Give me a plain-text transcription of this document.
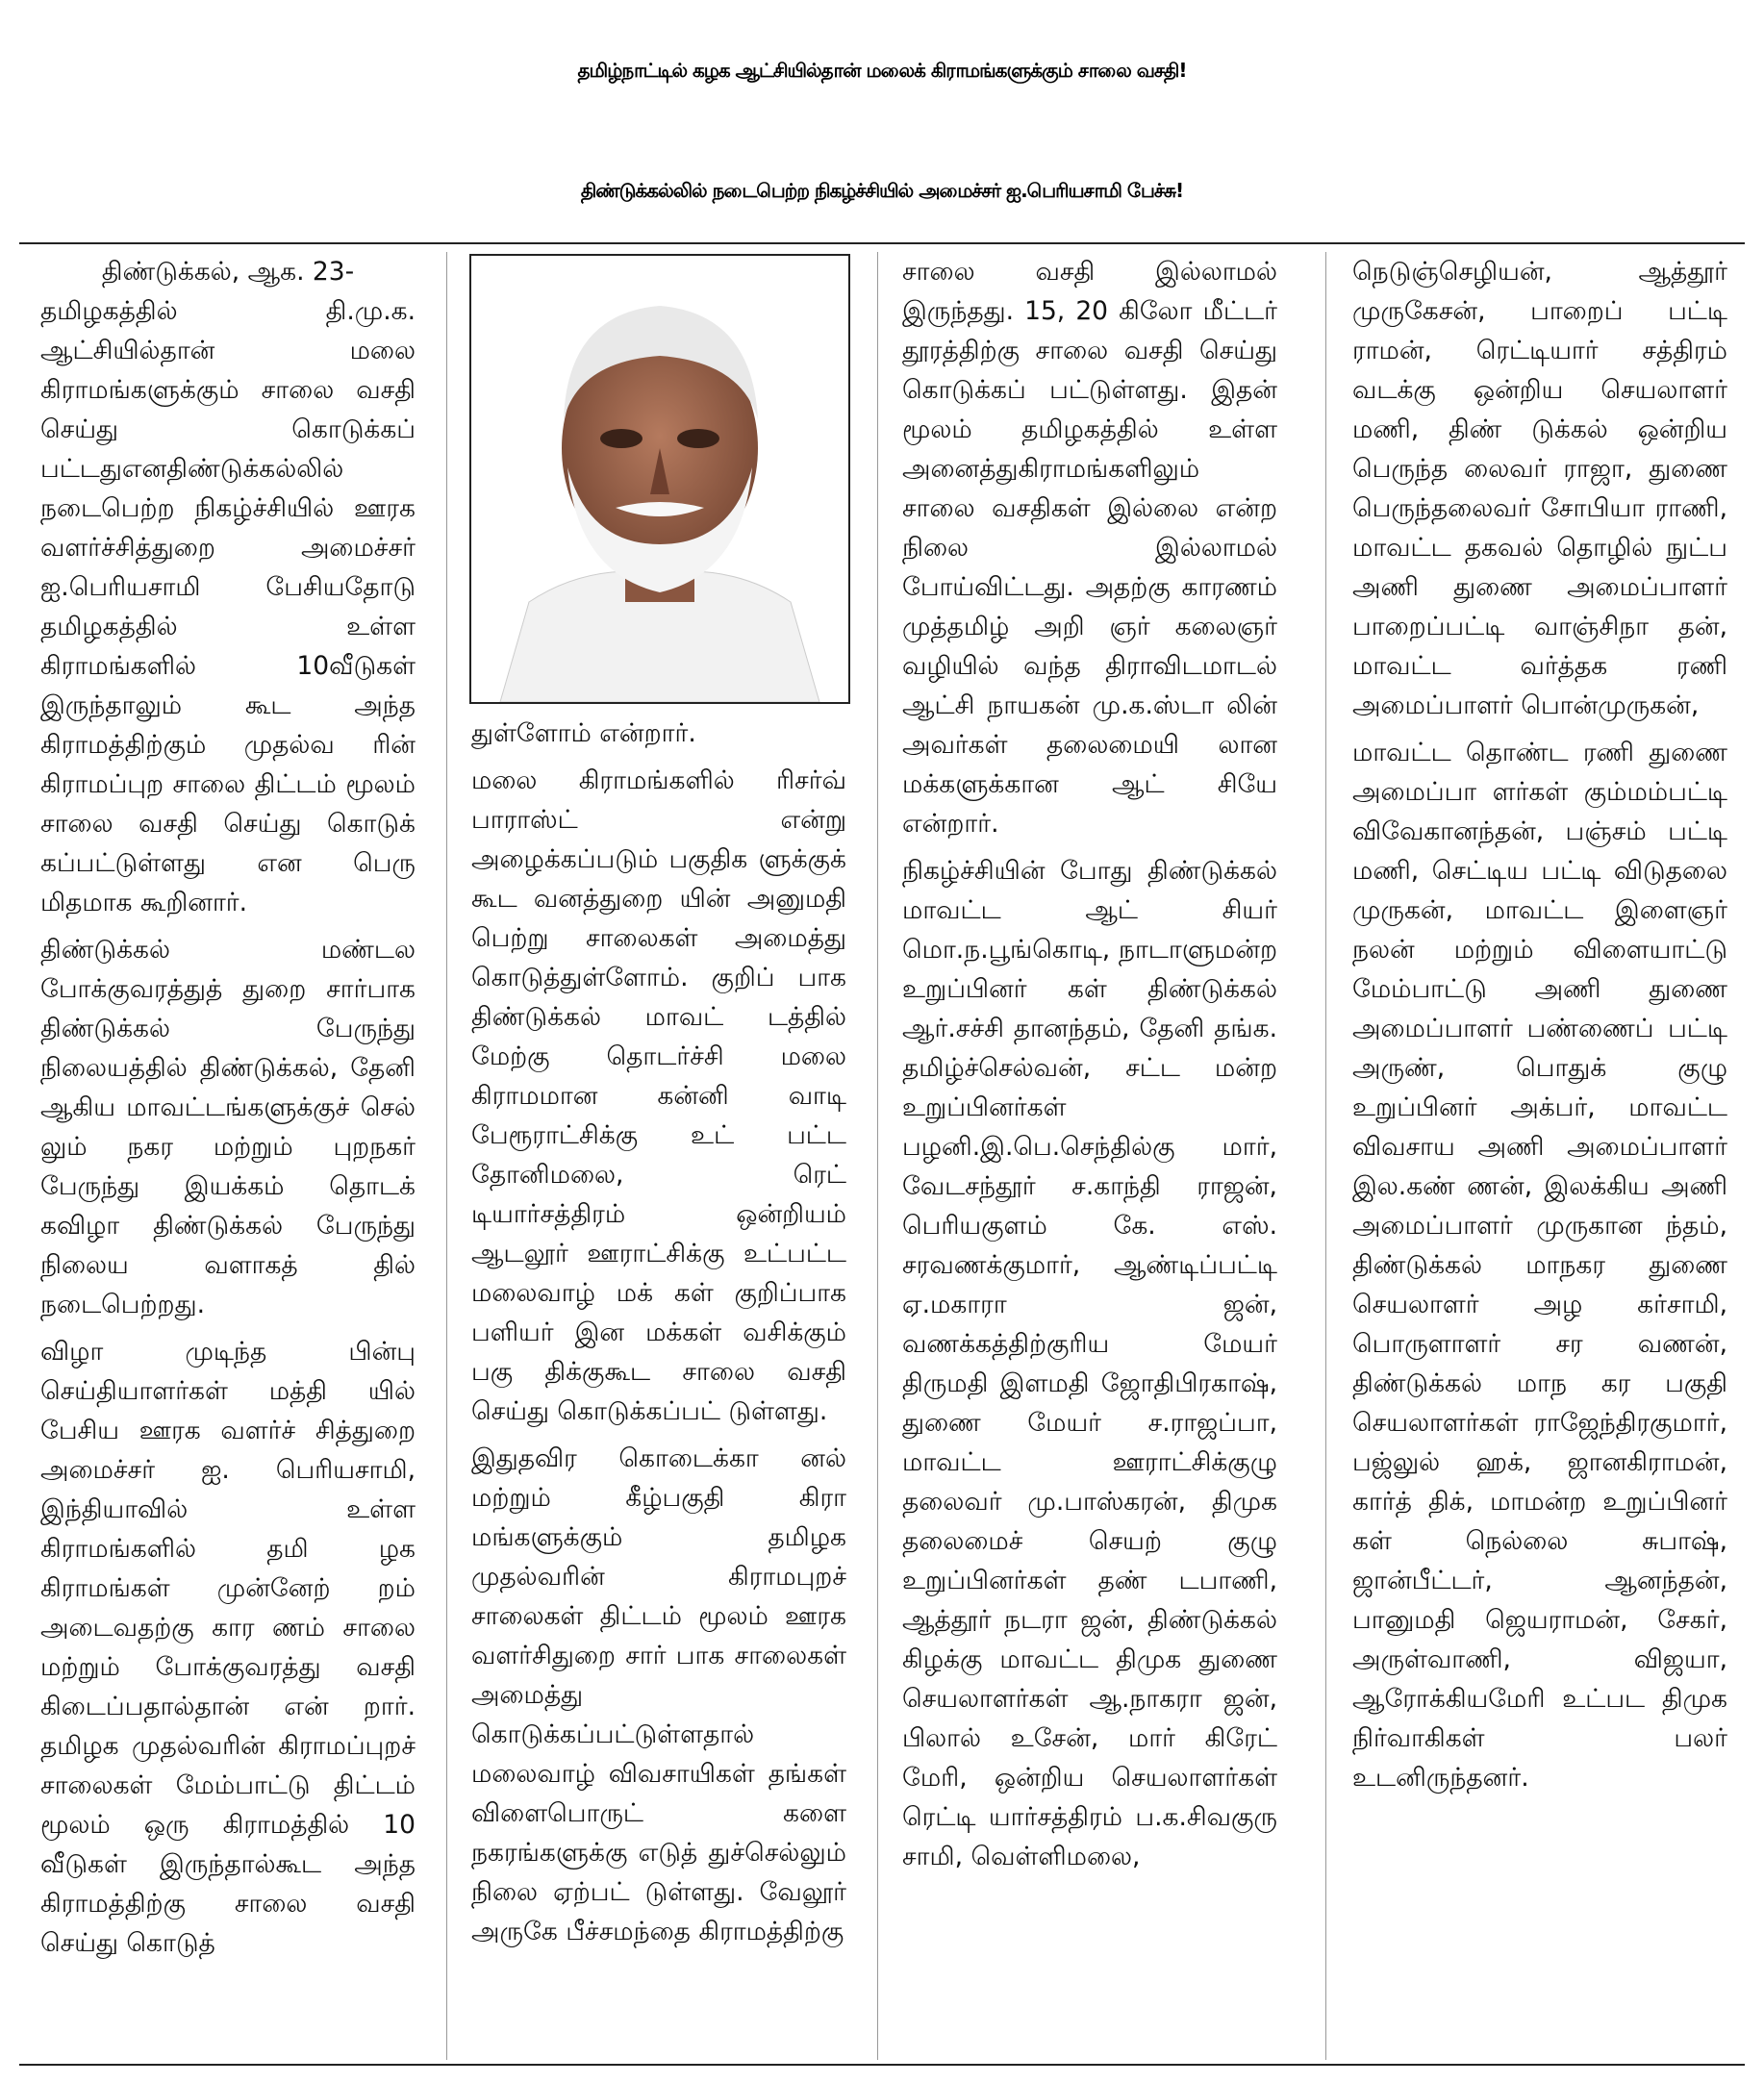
தமிழ்நாட்டில் கழக ஆட்சியில்தான் மலைக் கிராமங்களுக்கும் சாலை வசதி!
திண்டுக்கல்லில் நடைபெற்ற நிகழ்ச்சியில் அமைச்சர் ஐ.பெரியசாமி பேச்சு!
திண்டுக்கல், ஆக. 23-

தமிழகத்தில் தி.மு.க. ஆட்சியில்தான் மலை கிராமங்களுக்கும் சாலை வசதி செய்து கொடுக்கப் பட்டதுஎனதிண்டுக்கல்லில் நடைபெற்ற நிகழ்ச்சியில் ஊரக வளர்ச்சித்துறை அமைச்சர் ஐ.பெரியசாமி பேசியதோடு தமிழகத்தில் உள்ள கிராமங்களில் 10வீடுகள் இருந்தாலும் கூட அந்த கிராமத்திற்கும் முதல்வ ரின் கிராமப்புற சாலை திட்டம் மூலம் சாலை வசதி செய்து கொடுக் கப்பட்டுள்ளது என பெரு மிதமாக கூறினார்.

திண்டுக்கல் மண்டல போக்குவரத்துத் துறை சார்பாக திண்டுக்கல் பேருந்து நிலையத்தில் திண்டுக்கல், தேனி ஆகிய மாவட்டங்களுக்குச் செல் லும் நகர மற்றும் புறநகர் பேருந்து இயக்கம் தொடக் கவிழா திண்டுக்கல் பேருந்து நிலைய வளாகத் தில் நடைபெற்றது.

விழா முடிந்த பின்பு செய்தியாளர்கள் மத்தி யில் பேசிய ஊரக வளர்ச் சித்துறை அமைச்சர் ஐ. பெரியசாமி, இந்தியாவில் உள்ள கிராமங்களில் தமி ழக கிராமங்கள் முன்னேற் றம் அடைவதற்கு கார ணம் சாலை மற்றும் போக்குவரத்து வசதி கிடைப்பதால்தான் என் றார். தமிழக முதல்வரின் கிராமப்புறச் சாலைகள் மேம்பாட்டு திட்டம் மூலம் ஒரு கிராமத்தில் 10 வீடுகள் இருந்தால்கூட அந்த கிராமத்திற்கு சாலை வசதி செய்து கொடுத்

துள்ளோம் என்றார்.

மலை கிராமங்களில் ரிசர்வ் பாராஸ்ட் என்று அழைக்கப்படும் பகுதிக ளுக்குக் கூட வனத்துறை யின் அனுமதி பெற்று சாலைகள் அமைத்து கொடுத்துள்ளோம். குறிப் பாக திண்டுக்கல் மாவட் டத்தில் மேற்கு தொடர்ச்சி மலை கிராமமான கன்னி வாடி பேரூராட்சிக்கு உட் பட்ட தோனிமலை, ரெட் டியார்சத்திரம் ஒன்றியம் ஆடலூர் ஊராட்சிக்கு உட்பட்ட மலைவாழ் மக் கள் குறிப்பாக பளியர் இன மக்கள் வசிக்கும் பகு திக்குகூட சாலை வசதி செய்து கொடுக்கப்பட் டுள்ளது.

இதுதவிர கொடைக்கா னல் மற்றும் கீழ்பகுதி கிரா மங்களுக்கும் தமிழக முதல்வரின் கிராமபுறச் சாலைகள் திட்டம் மூலம் ஊரக வளர்சிதுறை சார் பாக சாலைகள் அமைத்து கொடுக்கப்பட்டுள்ளதால் மலைவாழ் விவசாயிகள் தங்கள் விளைபொருட் களை நகரங்களுக்கு எடுத் துச்செல்லும் நிலை ஏற்பட் டுள்ளது. வேலூர் அருகே பீச்சமந்தை கிராமத்திற்கு

சாலை வசதி இல்லாமல் இருந்தது. 15, 20 கிலோ மீட்டர் தூரத்திற்கு சாலை வசதி செய்து கொடுக்கப் பட்டுள்ளது. இதன் மூலம் தமிழகத்தில் உள்ள அனைத்துகிராமங்களிலும் சாலை வசதிகள் இல்லை என்ற நிலை இல்லாமல் போய்விட்டது. அதற்கு காரணம் முத்தமிழ் அறி ஞர் கலைஞர் வழியில் வந்த திராவிடமாடல் ஆட்சி நாயகன் மு.க.ஸ்டா லின் அவர்கள் தலைமையி லான மக்களுக்கான ஆட் சியே என்றார்.

நிகழ்ச்சியின் போது திண்டுக்கல் மாவட்ட ஆட் சியர் மொ.ந.பூங்கொடி, நாடாளுமன்ற உறுப்பினர் கள் திண்டுக்கல் ஆர்.சச்சி தானந்தம், தேனி தங்க. தமிழ்ச்செல்வன், சட்ட மன்ற உறுப்பினர்கள் பழனி.இ.பெ.செந்தில்கு மார், வேடசந்தூர் ச.காந்தி ராஜன், பெரியகுளம் கே. எஸ். சரவணக்குமார், ஆண்டிப்பட்டி ஏ.மகாரா ஜன், வணக்கத்திற்குரிய மேயர் திருமதி இளமதி ஜோதிபிரகாஷ், துணை மேயர் ச.ராஜப்பா, மாவட்ட ஊராட்சிக்குழு தலைவர் மு.பாஸ்கரன், திமுக தலைமைச் செயற் குழு உறுப்பினர்கள் தண் டபாணி, ஆத்தூர் நடரா ஜன், திண்டுக்கல் கிழக்கு மாவட்ட திமுக துணை செயலாளர்கள் ஆ.நாகரா ஜன், பிலால் உசேன், மார் கிரேட் மேரி, ஒன்றிய செயலாளர்கள் ரெட்டி யார்சத்திரம் ப.க.சிவகுரு சாமி, வெள்ளிமலை,

நெடுஞ்செழியன், ஆத்தூர் முருகேசன், பாறைப் பட்டி ராமன், ரெட்டியார் சத்திரம் வடக்கு ஒன்றிய செயலாளர் மணி, திண் டுக்கல் ஒன்றிய பெருந்த லைவர் ராஜா, துணை பெருந்தலைவர் சோபியா ராணி, மாவட்ட தகவல் தொழில் நுட்ப அணி துணை அமைப்பாளர் பாறைப்பட்டி வாஞ்சிநா தன், மாவட்ட வர்த்தக ரணி அமைப்பாளர் பொன்முருகன்,

மாவட்ட தொண்ட ரணி துணை அமைப்பா ளர்கள் கும்மம்பட்டி விவேகானந்தன், பஞ்சம் பட்டி மணி, செட்டிய பட்டி விடுதலை முருகன், மாவட்ட இளைஞர் நலன் மற்றும் விளையாட்டு மேம்பாட்டு அணி துணை அமைப்பாளர் பண்ணைப் பட்டி அருண், பொதுக் குழு உறுப்பினர் அக்பர், மாவட்ட விவசாய அணி அமைப்பாளர் இல.கண் ணன், இலக்கிய அணி அமைப்பாளர் முருகான ந்தம், திண்டுக்கல் மாநகர துணை செயலாளர் அழ கர்சாமி, பொருளாளர் சர வணன், திண்டுக்கல் மாந கர பகுதி செயலாளர்கள் ராஜேந்திரகுமார், பஜ்லுல் ஹக், ஜானகிராமன், கார்த் திக், மாமன்ற உறுப்பினர் கள் நெல்லை சுபாஷ், ஜான்பீட்டர், ஆனந்தன், பானுமதி ஜெயராமன், சேகர், அருள்வாணி, விஜயா, ஆரோக்கியமேரி உட்பட திமுக நிர்வாகிகள் பலர் உடனிருந்தனர்.
